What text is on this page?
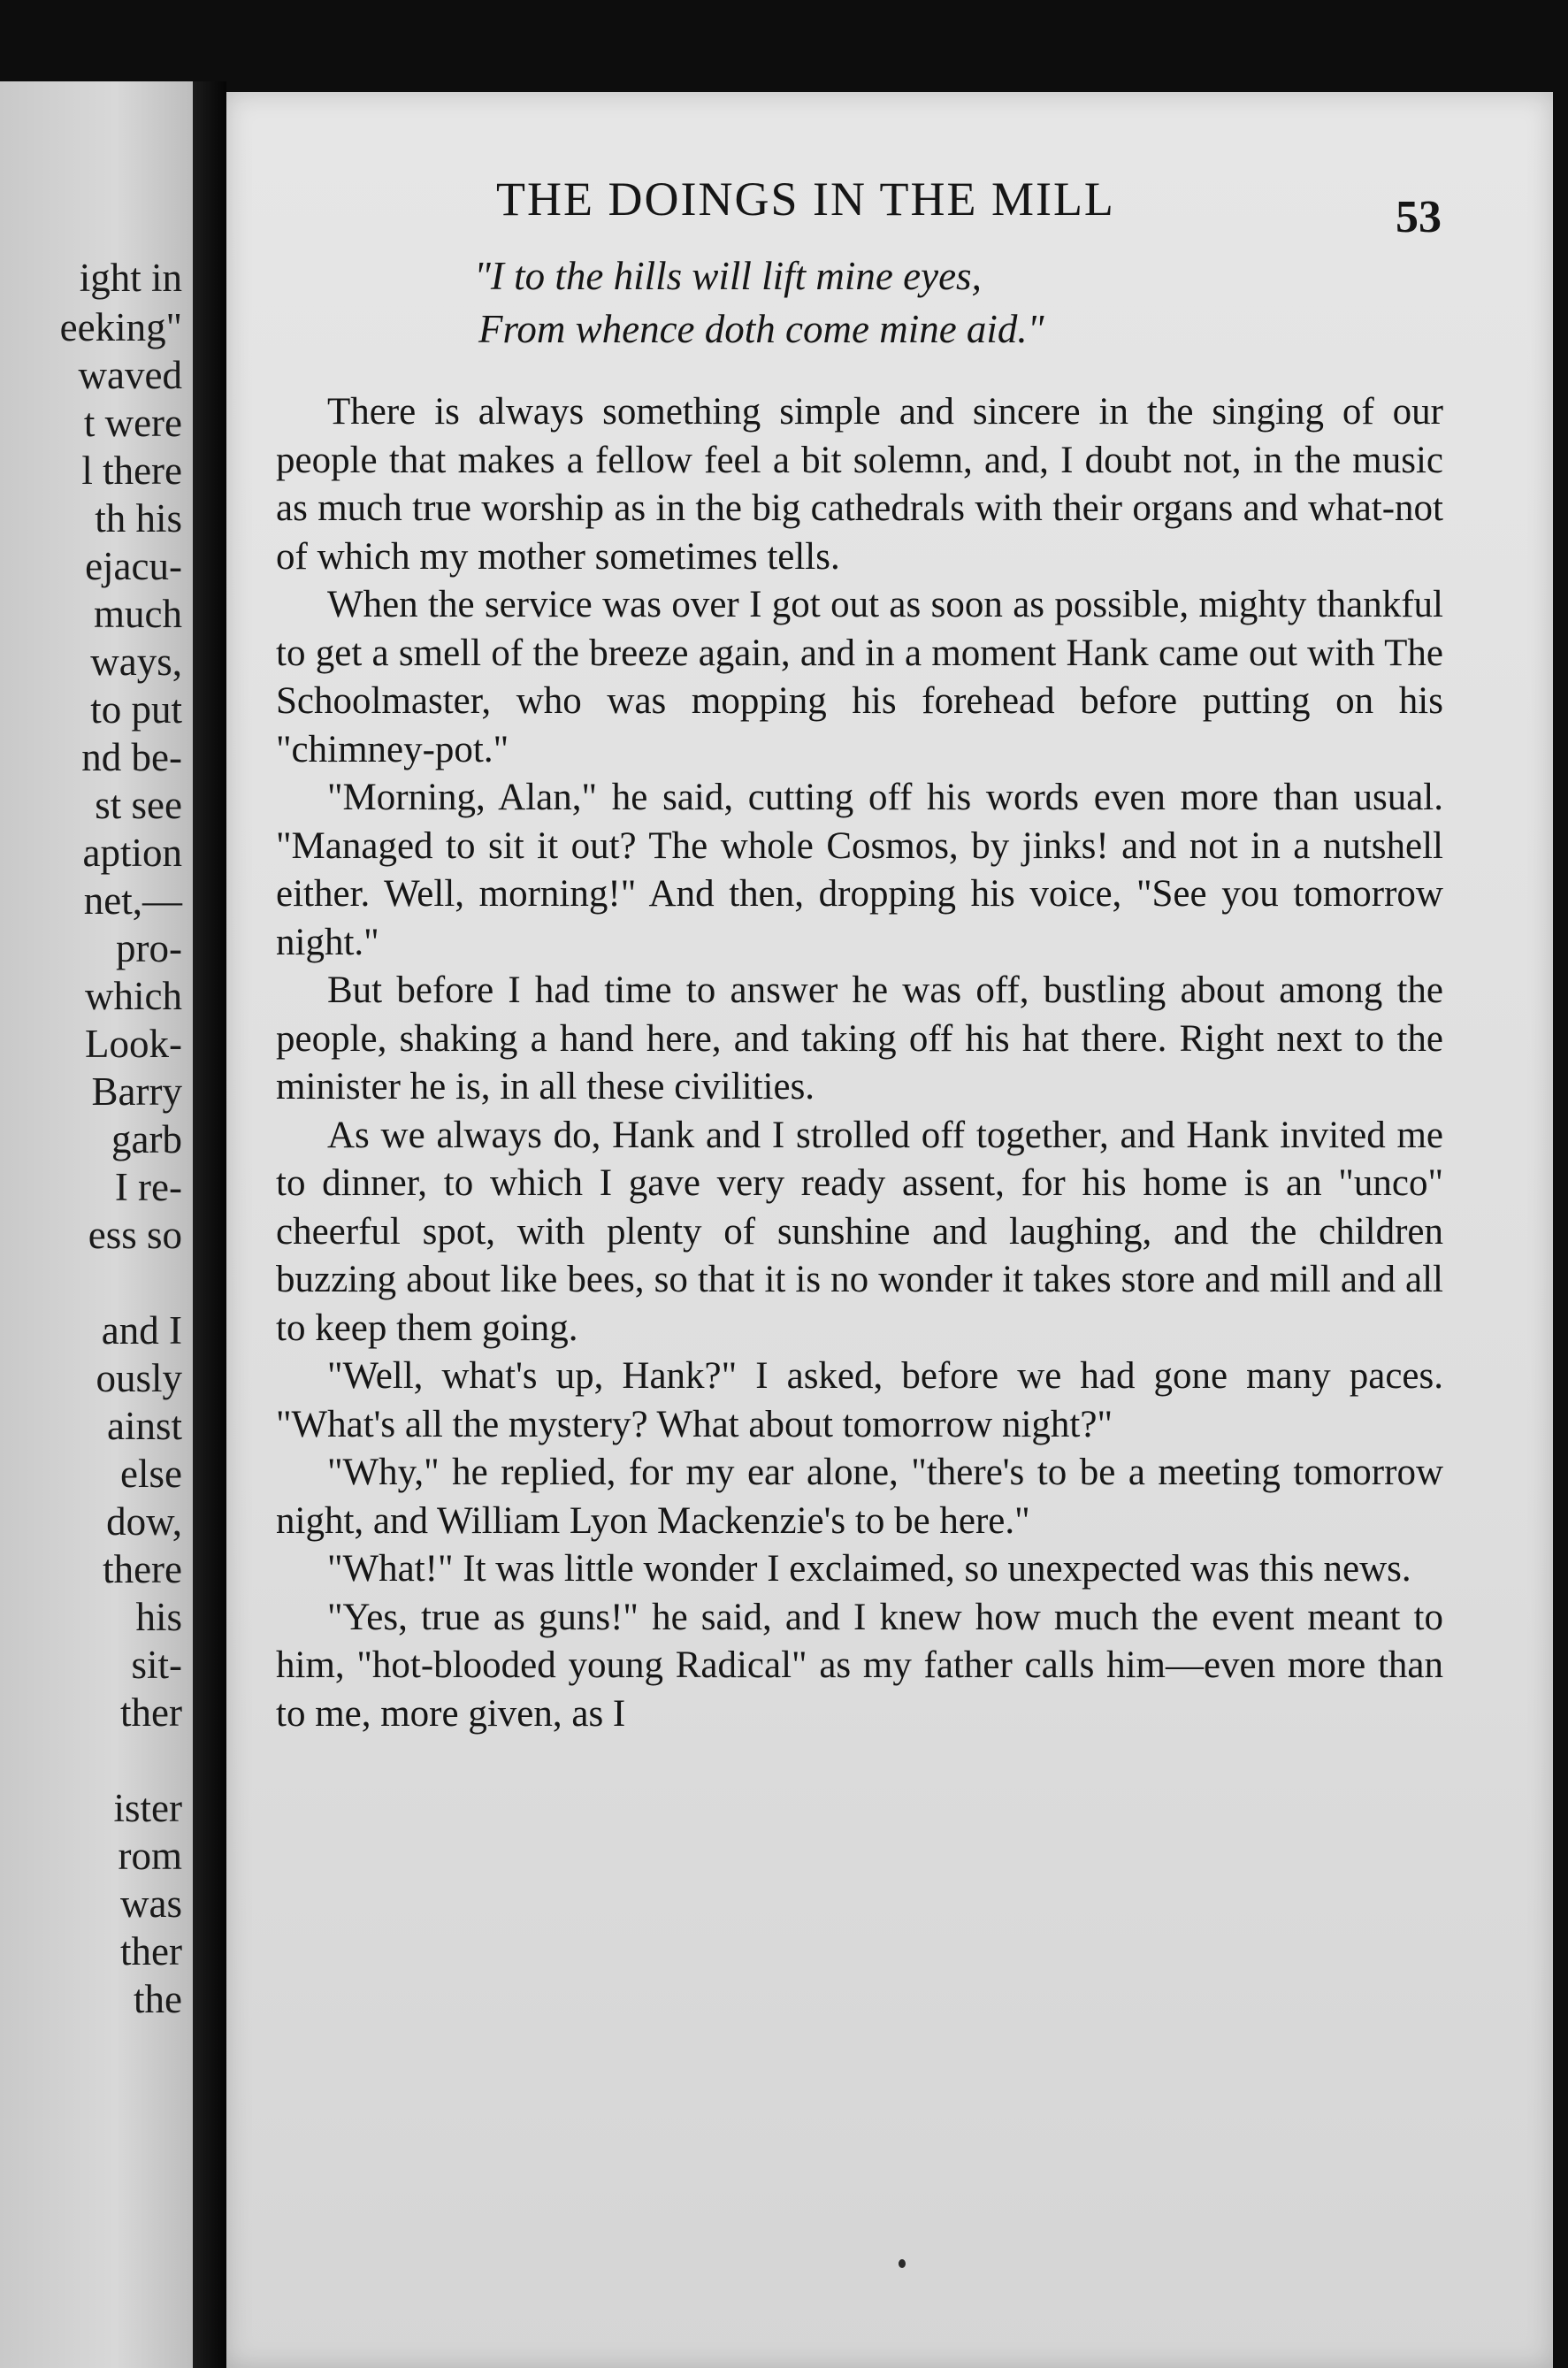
ight in
eeking"
waved
t were
l there
th his
ejacu-
much
ways,
to put
nd be-
st see
aption
net,—
pro-
which
Look-
Barry
garb
I re-
ess so
and I
ously
ainst
else
dow,
there
his
sit-
ther
ister
rom
was
ther
the
THE DOINGS IN THE MILL	53
"I to the hills will lift mine eyes,
From whence doth come mine aid."

There is always something simple and sincere in the singing of our people that makes a fellow feel a bit solemn, and, I doubt not, in the music as much true worship as in the big cathedrals with their organs and what-not of which my mother sometimes tells.

When the service was over I got out as soon as possible, mighty thankful to get a smell of the breeze again, and in a moment Hank came out with The Schoolmaster, who was mopping his forehead before putting on his "chimney-pot."

"Morning, Alan," he said, cutting off his words even more than usual. "Managed to sit it out? The whole Cosmos, by jinks! and not in a nutshell either. Well, morning!" And then, dropping his voice, "See you tomorrow night."

But before I had time to answer he was off, bustling about among the people, shaking a hand here, and taking off his hat there. Right next to the minister he is, in all these civilities.

As we always do, Hank and I strolled off together, and Hank invited me to dinner, to which I gave very ready assent, for his home is an "unco" cheerful spot, with plenty of sunshine and laughing, and the children buzzing about like bees, so that it is no wonder it takes store and mill and all to keep them going.

"Well, what's up, Hank?" I asked, before we had gone many paces. "What's all the mystery? What about tomorrow night?"

"Why," he replied, for my ear alone, "there's to be a meeting tomorrow night, and William Lyon Mackenzie's to be here."

"What!" It was little wonder I exclaimed, so unexpected was this news.

"Yes, true as guns!" he said, and I knew how much the event meant to him, "hot-blooded young Radical" as my father calls him—even more than to me, more given, as I
